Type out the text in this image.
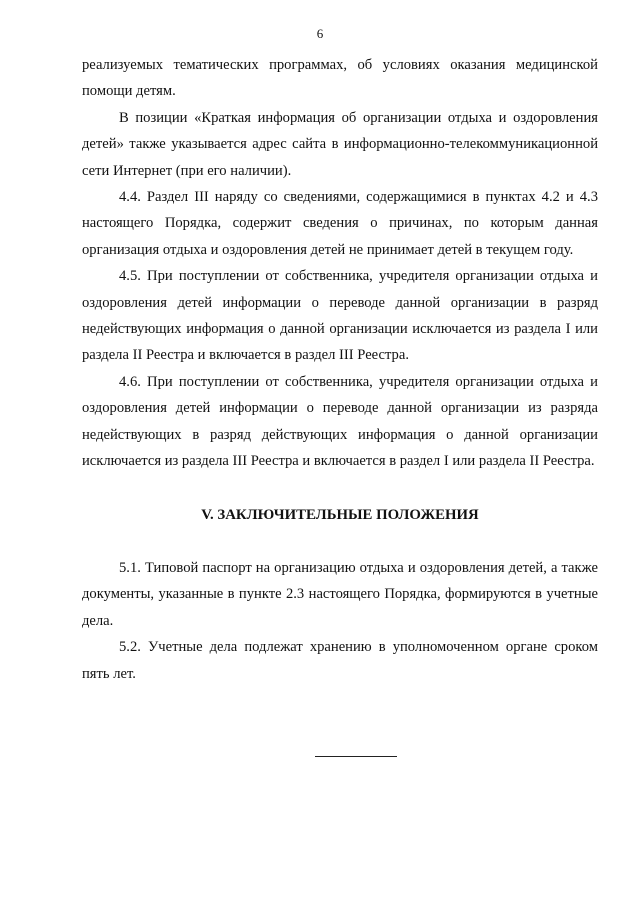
6

реализуемых тематических программах, об условиях оказания медицинской помощи детям.

В позиции «Краткая информация об организации отдыха и оздоровления детей» также указывается адрес сайта в информационно-телекоммуникационной сети Интернет (при его наличии).

4.4. Раздел III наряду со сведениями, содержащимися в пунктах 4.2 и 4.3 настоящего Порядка, содержит сведения о причинах, по которым данная организация отдыха и оздоровления детей не принимает детей в текущем году.

4.5. При поступлении от собственника, учредителя организации отдыха и оздоровления детей информации о переводе данной организации в разряд недействующих информация о данной организации исключается из раздела I или раздела II Реестра и включается в раздел III Реестра.

4.6. При поступлении от собственника, учредителя организации отдыха и оздоровления детей информации о переводе данной организации из разряда недействующих в разряд действующих информация о данной организации исключается из раздела III Реестра и включается в раздел I или раздела II Реестра.

V. ЗАКЛЮЧИТЕЛЬНЫЕ ПОЛОЖЕНИЯ

5.1. Типовой паспорт на организацию отдыха и оздоровления детей, а также документы, указанные в пункте 2.3 настоящего Порядка, формируются в учетные дела.

5.2. Учетные дела подлежат хранению в уполномоченном органе сроком пять лет.
